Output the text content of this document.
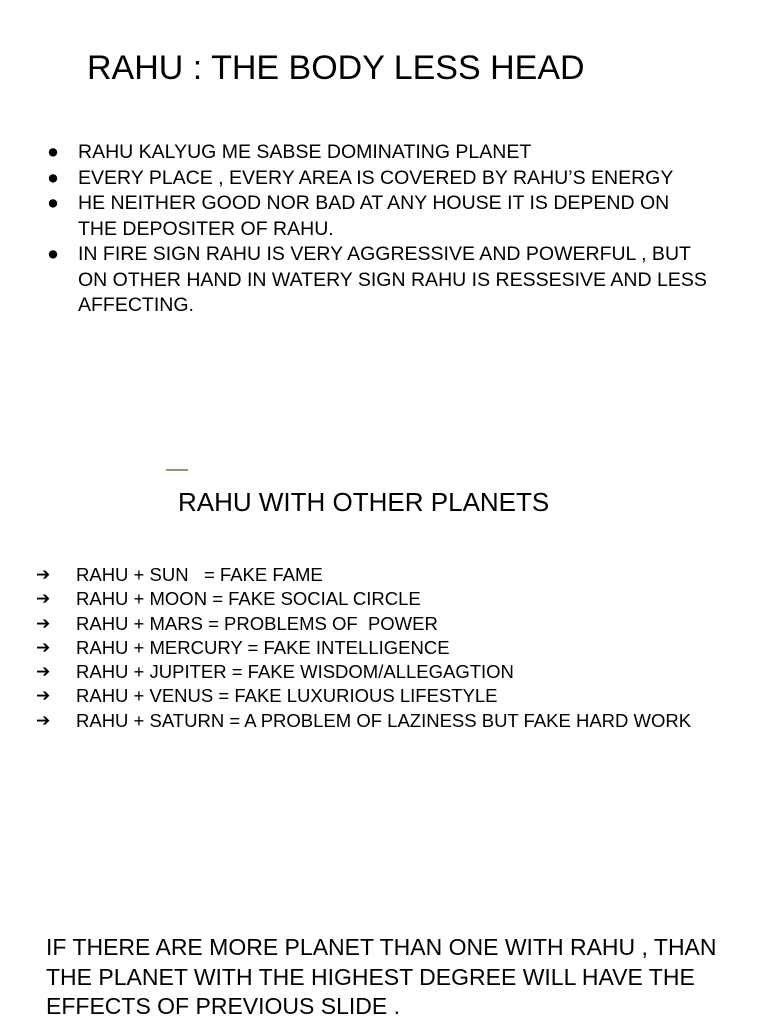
RAHU : THE BODY LESS HEAD
● RAHU KALYUG ME SABSE DOMINATING PLANET
● EVERY PLACE , EVERY AREA IS COVERED BY RAHU’S ENERGY
● HE NEITHER GOOD NOR BAD AT ANY HOUSE IT IS DEPEND ON THE DEPOSITER OF RAHU.
● IN FIRE SIGN RAHU IS VERY AGGRESSIVE AND POWERFUL , BUT ON OTHER HAND IN WATERY SIGN RAHU IS RESSESIVE AND LESS AFFECTING.
RAHU WITH OTHER PLANETS
➔	RAHU + SUN   = FAKE FAME
➔	RAHU + MOON = FAKE SOCIAL CIRCLE
➔	RAHU + MARS = PROBLEMS OF  POWER
➔	RAHU + MERCURY = FAKE INTELLIGENCE
➔	RAHU + JUPITER = FAKE WISDOM/ALLEGAGTION
➔	RAHU + VENUS = FAKE LUXURIOUS LIFESTYLE
➔	RAHU + SATURN = A PROBLEM OF LAZINESS BUT FAKE HARD WORK
IF THERE ARE MORE PLANET THAN ONE WITH RAHU , THAN THE PLANET WITH THE HIGHEST DEGREE WILL HAVE THE EFFECTS OF PREVIOUS SLIDE .
